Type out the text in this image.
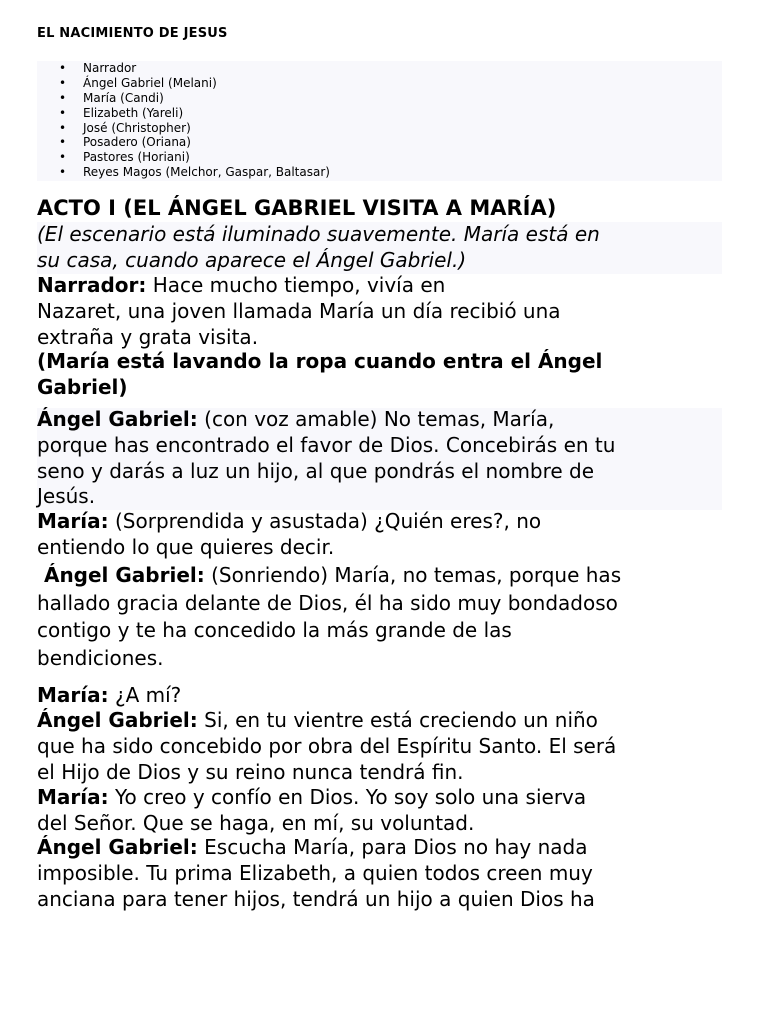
EL NACIMIENTO DE JESUS
• Narrador
• Ángel Gabriel (Melani)
• María (Candi)
• Elizabeth (Yareli)
• José (Christopher)
• Posadero (Oriana)
• Pastores (Horiani)
• Reyes Magos (Melchor, Gaspar, Baltasar)
ACTO I (EL ÁNGEL GABRIEL VISITA A MARÍA)

(El escenario está iluminado suavemente. María está en
su casa, cuando aparece el Ángel Gabriel.)

Narrador: Hace mucho tiempo, vivía en
Nazaret, una joven llamada María un día recibió una
extraña y grata visita.

(María está lavando la ropa cuando entra el Ángel
Gabriel)

Ángel Gabriel: (con voz amable) No temas, María,
porque has encontrado el favor de Dios. Concebirás en tu
seno y darás a luz un hijo, al que pondrás el nombre de
Jesús.

María: (Sorprendida y asustada) ¿Quién eres?, no
entiendo lo que quieres decir.

Ángel Gabriel: (Sonriendo) María, no temas, porque has
hallado gracia delante de Dios, él ha sido muy bondadoso
contigo y te ha concedido la más grande de las
bendiciones.

María: ¿A mí?

Ángel Gabriel: Si, en tu vientre está creciendo un niño
que ha sido concebido por obra del Espíritu Santo. El será
el Hijo de Dios y su reino nunca tendrá fin.

María: Yo creo y confío en Dios. Yo soy solo una sierva
del Señor. Que se haga, en mí, su voluntad.

Ángel Gabriel: Escucha María, para Dios no hay nada
imposible. Tu prima Elizabeth, a quien todos creen muy
anciana para tener hijos, tendrá un hijo a quien Dios ha
